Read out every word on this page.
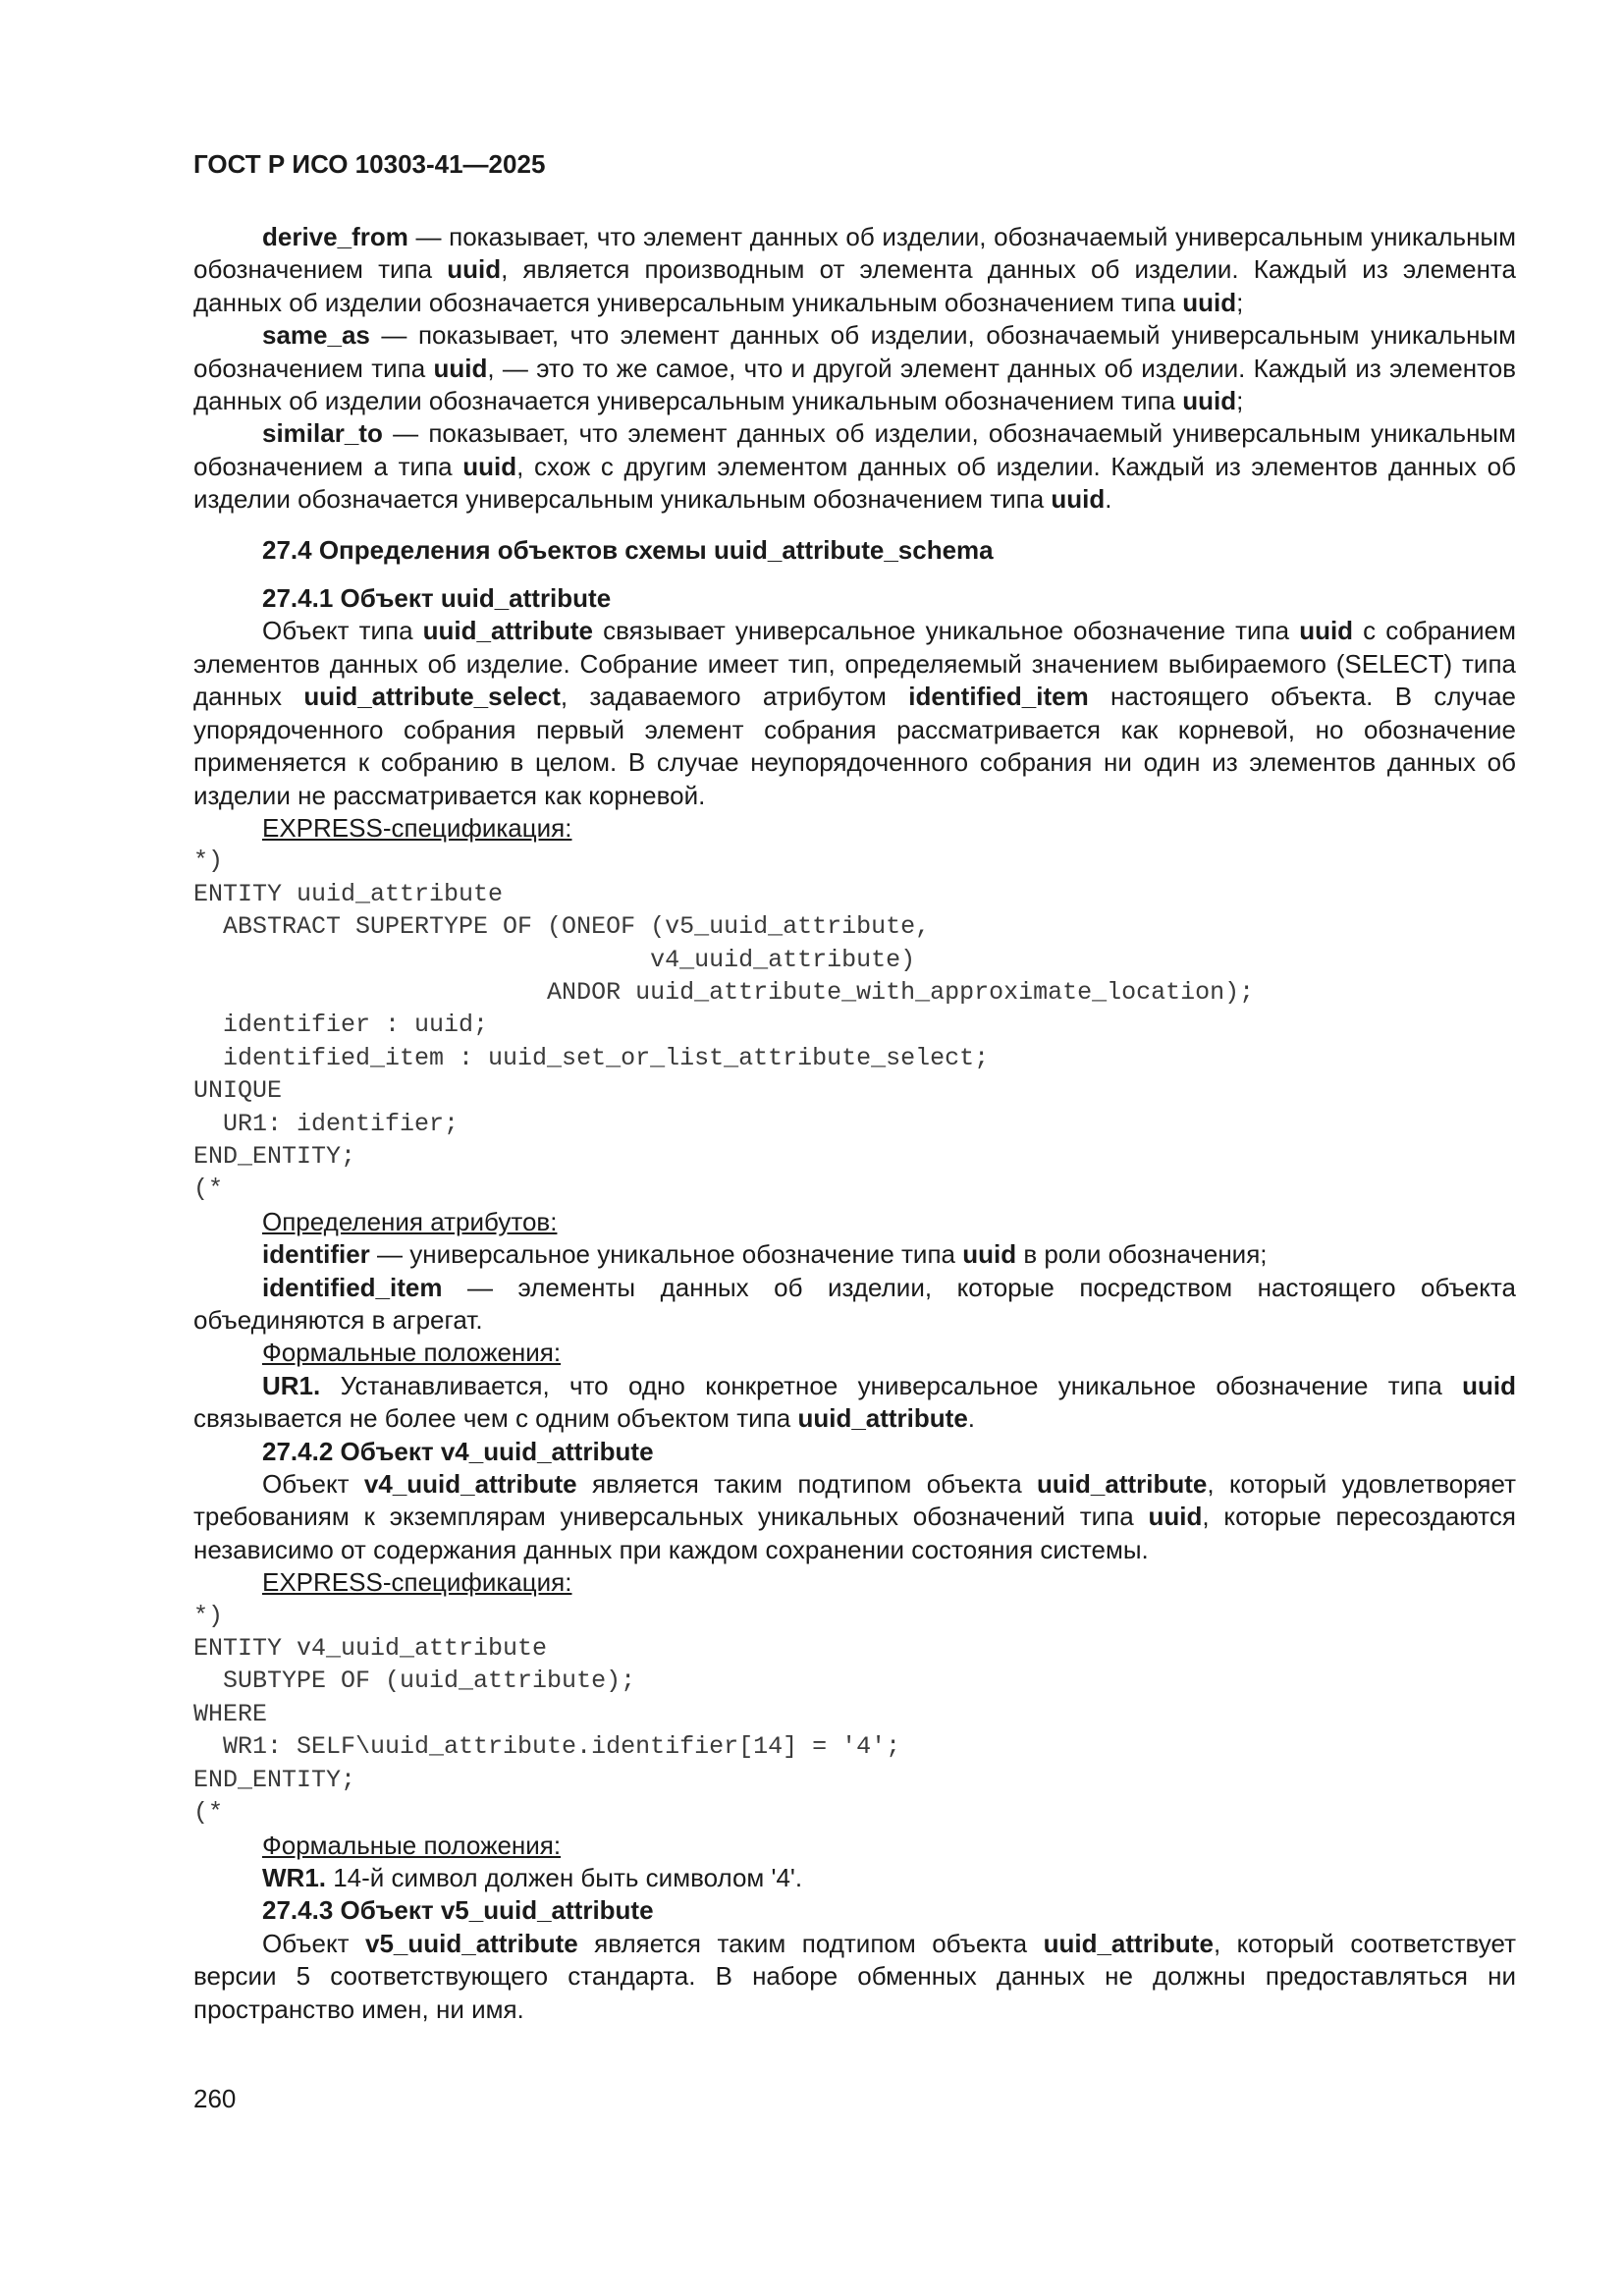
ГОСТ Р ИСО 10303-41—2025

derive_from — показывает, что элемент данных об изделии, обозначаемый универсальным уникальным обозначением типа uuid, является производным от элемента данных об изделии. Каждый из элемента данных об изделии обозначается универсальным уникальным обозначением типа uuid;

same_as — показывает, что элемент данных об изделии, обозначаемый универсальным уникальным обозначением типа uuid, — это то же самое, что и другой элемент данных об изделии. Каждый из элементов данных об изделии обозначается универсальным уникальным обозначением типа uuid;

similar_to — показывает, что элемент данных об изделии, обозначаемый универсальным уникальным обозначением а типа uuid, схож с другим элементом данных об изделии. Каждый из элементов данных об изделии обозначается универсальным уникальным обозначением типа uuid.

27.4 Определения объектов схемы uuid_attribute_schema
27.4.1 Объект uuid_attribute

Объект типа uuid_attribute связывает универсальное уникальное обозначение типа uuid с собранием элементов данных об изделие. Собрание имеет тип, определяемый значением выбираемого (SELECT) типа данных uuid_attribute_select, задаваемого атрибутом identified_item настоящего объекта. В случае упорядоченного собрания первый элемент собрания рассматривается как корневой, но обозначение применяется к собранию в целом. В случае неупорядоченного собрания ни один из элементов данных об изделии не рассматривается как корневой.

EXPRESS-спецификация:

*)
ENTITY uuid_attribute
ABSTRACT SUPERTYPE OF (ONEOF (v5_uuid_attribute,
v4_uuid_attribute)
ANDOR uuid_attribute_with_approximate_location);
identifier : uuid;
identified_item : uuid_set_or_list_attribute_select;
UNIQUE
UR1: identifier;
END_ENTITY;
(*

Определения атрибутов:

identifier — универсальное уникальное обозначение типа uuid в роли обозначения;

identified_item — элементы данных об изделии, которые посредством настоящего объекта объединяются в агрегат.

Формальные положения:

UR1. Устанавливается, что одно конкретное универсальное уникальное обозначение типа uuid связывается не более чем с одним объектом типа uuid_attribute.

27.4.2 Объект v4_uuid_attribute

Объект v4_uuid_attribute является таким подтипом объекта uuid_attribute, который удовлетворяет требованиям к экземплярам универсальных уникальных обозначений типа uuid, которые пересоздаются независимо от содержания данных при каждом сохранении состояния системы.

EXPRESS-спецификация:

*)
ENTITY v4_uuid_attribute
SUBTYPE OF (uuid_attribute);
WHERE
WR1: SELF\uuid_attribute.identifier[14] = '4';
END_ENTITY;
(*

Формальные положения:

WR1. 14-й символ должен быть символом '4'.

27.4.3 Объект v5_uuid_attribute

Объект v5_uuid_attribute является таким подтипом объекта uuid_attribute, который соответствует версии 5 соответствующего стандарта. В наборе обменных данных не должны предоставляться ни пространство имен, ни имя.

260
